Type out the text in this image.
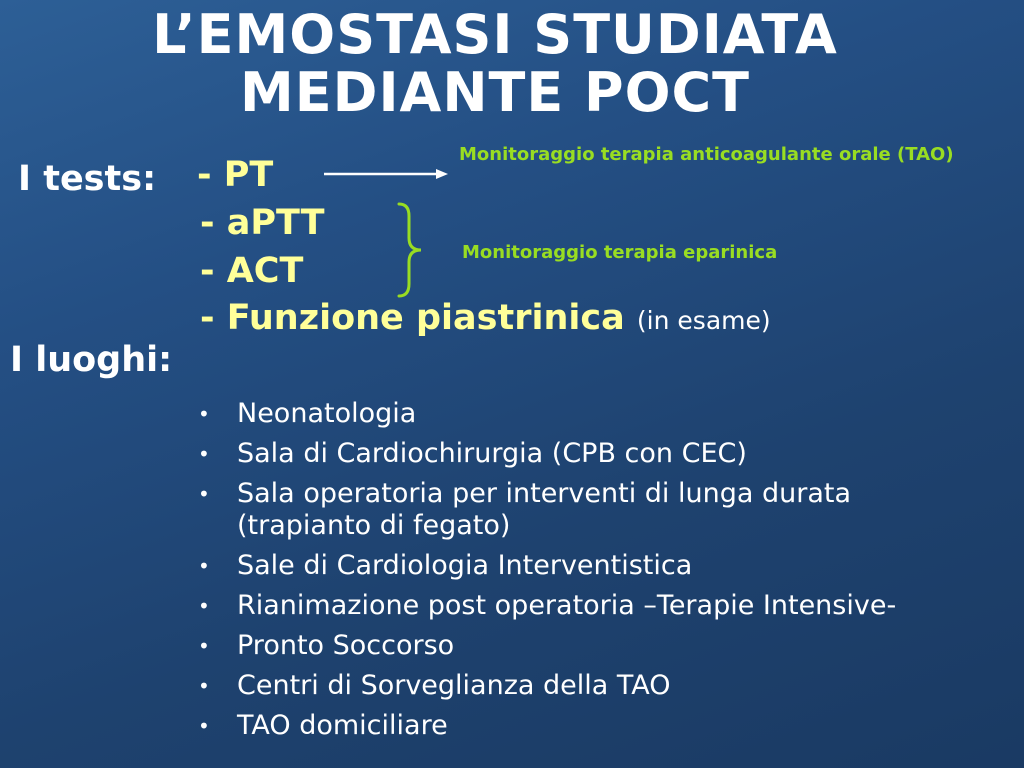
L’EMOSTASI STUDIATA
MEDIANTE POCT
I tests: - PT
- aPTT
- ACT
- Funzione piastrinica (in esame)
Monitoraggio terapia anticoagulante orale (TAO)
Monitoraggio terapia eparinica
I luoghi:
• Neonatologia
• Sala di Cardiochirurgia (CPB con CEC)
• Sala operatoria per interventi di lunga durata
(trapianto di fegato)
• Sale di Cardiologia Interventistica
• Rianimazione post operatoria –Terapie Intensive-
• Pronto Soccorso
• Centri di Sorveglianza della TAO
• TAO domiciliare
